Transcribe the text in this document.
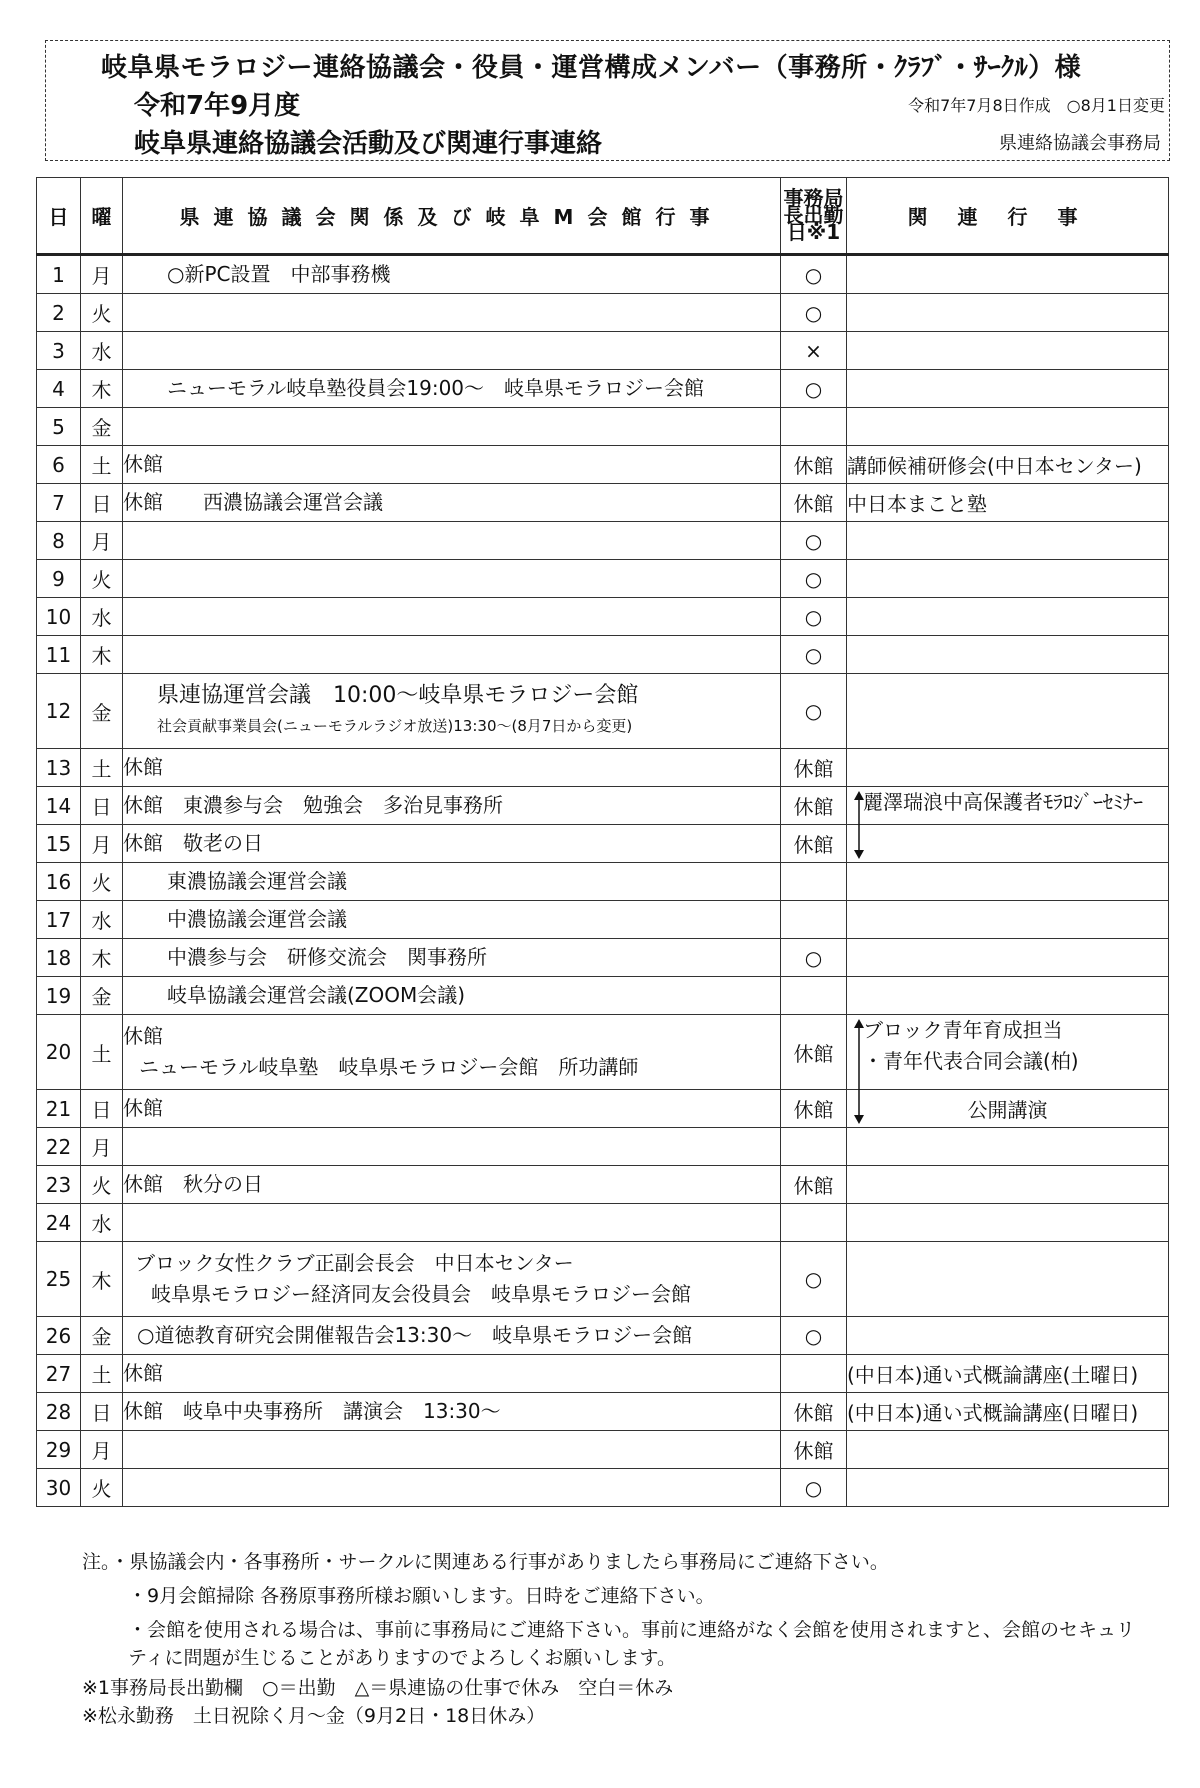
岐阜県モラロジー連絡協議会・役員・運営構成メンバー（事務所・ｸﾗﾌﾞ・ｻｰｸﾙ）様
令和7年9月度
岐阜県連絡協議会活動及び関連行事連絡
令和7年7月8日作成　○8月1日変更
県連絡協議会事務局
日	曜	県連協議会関係及び岐阜M会館行事	事務局長出勤日※1	関連行事
1	月	○新PC設置　中部事務機	○	
2	火		○	
3	水		×	
4	木	ニューモラル岐阜塾役員会19:00～　岐阜県モラロジー会館	○	
5	金			
6	土	休館	休館	講師候補研修会(中日本センター)
7	日	休館　　西濃協議会運営会議	休館	中日本まこと塾
8	月		○	
9	火		○	
10	水		○	
11	木		○	
12	金	県連協運営会議　10:00～岐阜県モラロジー会館
社会貢献事業員会(ニューモラルラジオ放送)13:30～(8月7日から変更)	○	
13	土	休館	休館	
14	日	休館　東濃参与会　勉強会　多治見事務所	休館	麗澤瑞浪中高保護者ﾓﾗﾛｼﾞｰｾﾐﾅｰ

15	月	休館　敬老の日	休館	
16	火	東濃協議会運営会議		

17	水	中濃協議会運営会議		

18	木	中濃参与会　研修交流会　関事務所	○	
19	金	岐阜協議会運営会議(ZOOM会議)		

20	土	休館
ニューモラル岐阜塾　岐阜県モラロジー会館　所功講師	休館	ブロック青年育成担当
・青年代表合同会議(柏)

21	日	休館	休館	公開講演
22	月			
23	火	休館　秋分の日	休館	
24	水			
25	木	ブロック女性クラブ正副会長会　中日本センター
岐阜県モラロジー経済同友会役員会　岐阜県モラロジー会館	○	
26	金	○道徳教育研究会開催報告会13:30～　岐阜県モラロジー会館	○	
27	土	休館		(中日本)通い式概論講座(土曜日)
28	日	休館　岐阜中央事務所　講演会　13:30～	休館	(中日本)通い式概論講座(日曜日)
29	月		休館	
30	火		○	
注。・県協議会内・各事務所・サークルに関連ある行事がありましたら事務局にご連絡下さい。
・9月会館掃除 各務原事務所様お願いします。日時をご連絡下さい。
・会館を使用される場合は、事前に事務局にご連絡下さい。事前に連絡がなく会館を使用されますと、会館のセキュリティに問題が生じることがありますのでよろしくお願いします。
※1事務局長出勤欄　○＝出勤　△＝県連協の仕事で休み　空白＝休み
※松永勤務　土日祝除く月～金（9月2日・18日休み）
